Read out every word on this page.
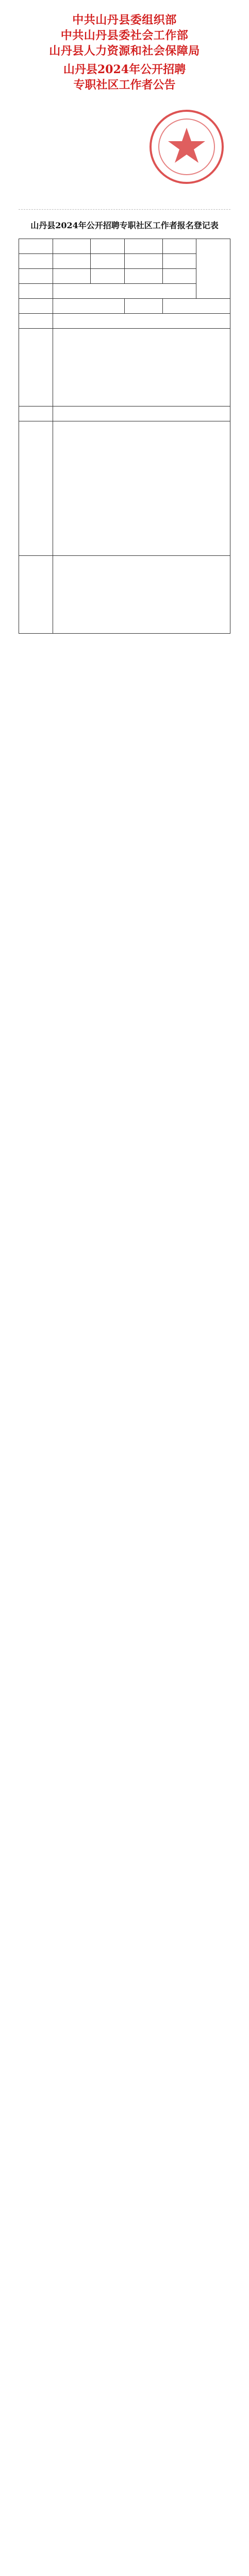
中共山丹县委组织部
中共山丹县委社会工作部
山丹县人力资源和社会保障局
山丹县2024年公开招聘
专职社区工作者公告

山丹县2024年公开招聘专职社区工作者报名登记表
